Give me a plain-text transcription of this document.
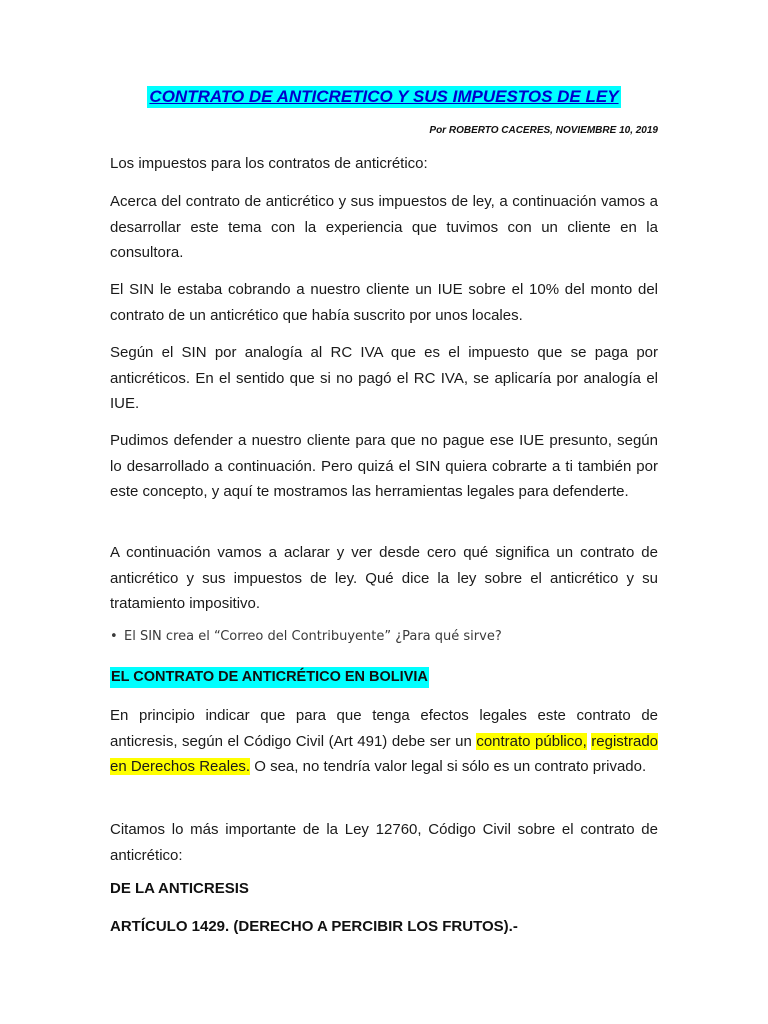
CONTRATO DE ANTICRETICO Y SUS IMPUESTOS DE LEY
Por ROBERTO CACERES, NOVIEMBRE 10, 2019

Los impuestos para los contratos de anticrético:

Acerca del contrato de anticrético y sus impuestos de ley, a continuación vamos a desarrollar este tema con la experiencia que tuvimos con un cliente en la consultora.

El SIN le estaba cobrando a nuestro cliente un IUE sobre el 10% del monto del contrato de un anticrético que había suscrito por unos locales.

Según el SIN por analogía al RC IVA que es el impuesto que se paga por anticréticos. En el sentido que si no pagó el RC IVA, se aplicaría por analogía el IUE.

Pudimos defender a nuestro cliente para que no pague ese IUE presunto, según lo desarrollado a continuación. Pero quizá el SIN quiera cobrarte a ti también por este concepto, y aquí te mostramos las herramientas legales para defenderte.

A continuación vamos a aclarar y ver desde cero qué significa un contrato de anticrético y sus impuestos de ley. Qué dice la ley sobre el anticrético y su tratamiento impositivo.

• El SIN crea el “Correo del Contribuyente” ¿Para qué sirve?
EL CONTRATO DE ANTICRÉTICO EN BOLIVIA

En principio indicar que para que tenga efectos legales este contrato de anticresis, según el Código Civil (Art 491) debe ser un contrato público, registrado en Derechos Reales. O sea, no tendría valor legal si sólo es un contrato privado.

Citamos lo más importante de la Ley 12760, Código Civil sobre el contrato de anticrético:

DE LA ANTICRESIS
ARTÍCULO 1429. (DERECHO A PERCIBIR LOS FRUTOS).-
